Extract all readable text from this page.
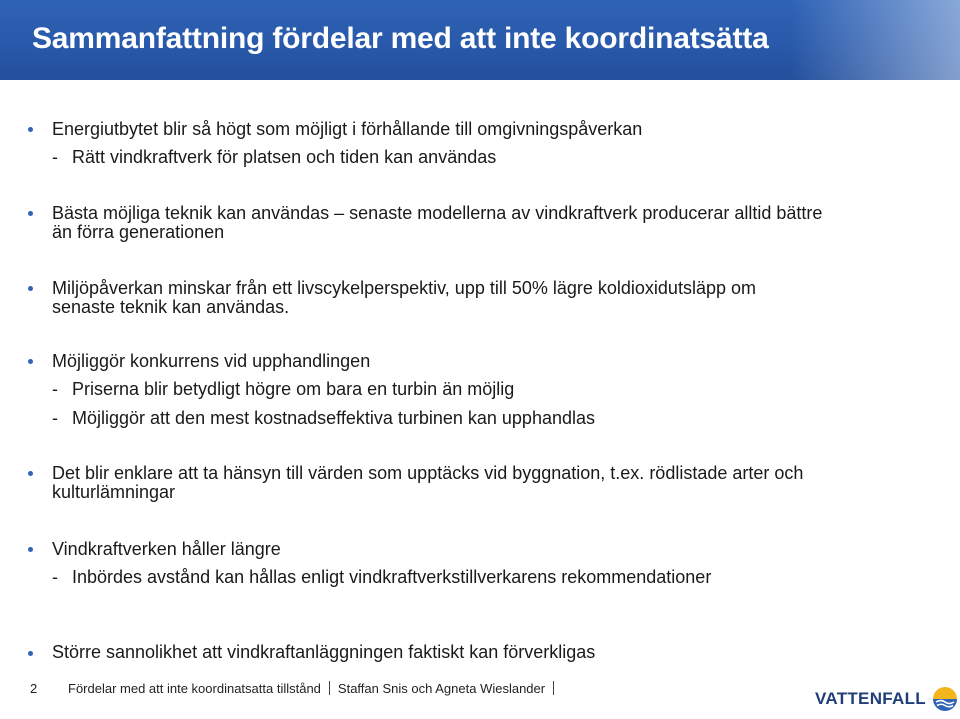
Sammanfattning fördelar med att inte koordinatsätta
Energiutbytet blir så högt som möjligt i förhållande till omgivningspåverkan
- Rätt vindkraftverk för platsen och tiden kan användas
Bästa möjliga teknik kan användas – senaste modellerna av vindkraftverk producerar alltid bättre
än förra generationen
Miljöpåverkan minskar från ett livscykelperspektiv, upp till 50% lägre koldioxidutsläpp om
senaste teknik kan användas.
Möjliggör konkurrens vid upphandlingen
- Priserna blir betydligt högre om bara en turbin än möjlig
- Möjliggör att den mest kostnadseffektiva turbinen kan upphandlas
Det blir enklare att ta hänsyn till värden som upptäcks vid byggnation, t.ex. rödlistade arter och
kulturlämningar
Vindkraftverken håller längre
- Inbördes avstånd kan hållas enligt vindkraftverkstillverkarens rekommendationer
Större sannolikhet att vindkraftanläggningen faktiskt kan förverkligas
2 Fördelar med att inte koordinatsatta tillstånd Staffan Snis och Agneta Wieslander
VATTENFALL
